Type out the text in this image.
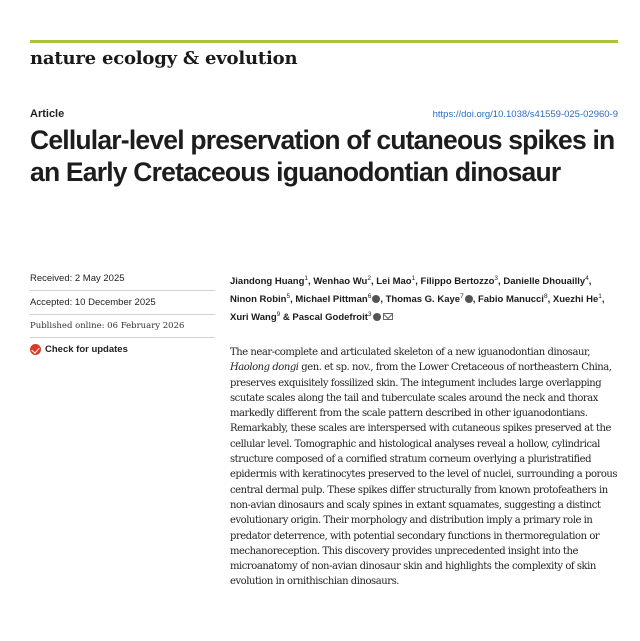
nature ecology & evolution
Article	https://doi.org/10.1038/s41559-025-02960-9
Cellular-level preservation of cutaneous spikes in an Early Cretaceous iguanodontian dinosaur
Received: 2 May 2025
Accepted: 10 December 2025
Published online: 06 February 2026
Check for updates
Jiandong Huang$^1$, Wenhao Wu$^2$, Lei Mao$^1$, Filippo Bertozzo$^3$, Danielle Dhouailly$^4$, Ninon Robin$^5$, Michael Pittman$^6$ , Thomas G. Kaye$^7$ , Fabio Manucci$^8$, Xuezhi He$^1$, Xuri Wang$^9$ & Pascal Godefroit$^3$

The near-complete and articulated skeleton of a new iguanodontian dinosaur, Haolong dongi gen. et sp. nov., from the Lower Cretaceous of northeastern China, preserves exquisitely fossilized skin. The integument includes large overlapping scutate scales along the tail and tuberculate scales around the neck and thorax markedly different from the scale pattern described in other iguanodontians. Remarkably, these scales are interspersed with cutaneous spikes preserved at the cellular level. Tomographic and histological analyses reveal a hollow, cylindrical structure composed of a cornified stratum corneum overlying a pluristratified epidermis with keratinocytes preserved to the level of nuclei, surrounding a porous central dermal pulp. These spikes differ structurally from known protofeathers in non-avian dinosaurs and scaly spines in extant squamates, suggesting a distinct evolutionary origin. Their morphology and distribution imply a primary role in predator deterrence, with potential secondary functions in thermoregulation or mechanoreception. This discovery provides unprecedented insight into the microanatomy of non-avian dinosaur skin and highlights the complexity of skin evolution in ornithischian dinosaurs.
